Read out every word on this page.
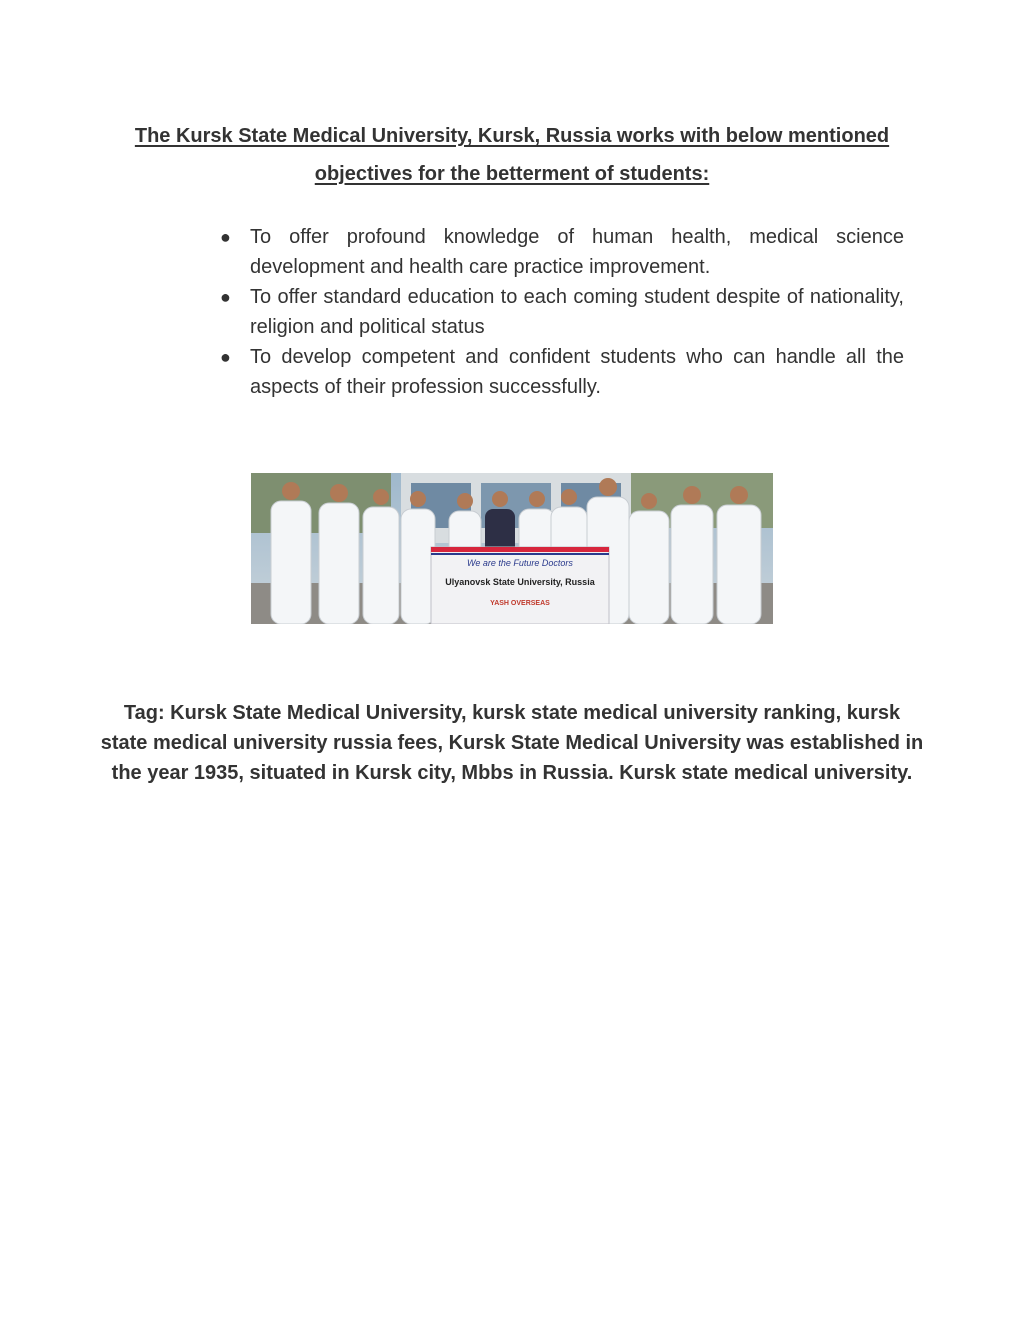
The Kursk State Medical University, Kursk, Russia works with below mentioned objectives for the betterment of students:

● To offer profound knowledge of human health, medical science development and health care practice improvement.
● To offer standard education to each coming student despite of nationality, religion and political status
● To develop competent and confident students who can handle all the aspects of their profession successfully.
We are the Future Doctors
Ulyanovsk State University, Russia
YASH OVERSEAS

Tag: Kursk State Medical University, kursk state medical university ranking, kursk state medical university russia fees, Kursk State Medical University was established in the year 1935, situated in Kursk city, Mbbs in Russia. Kursk state medical university.
